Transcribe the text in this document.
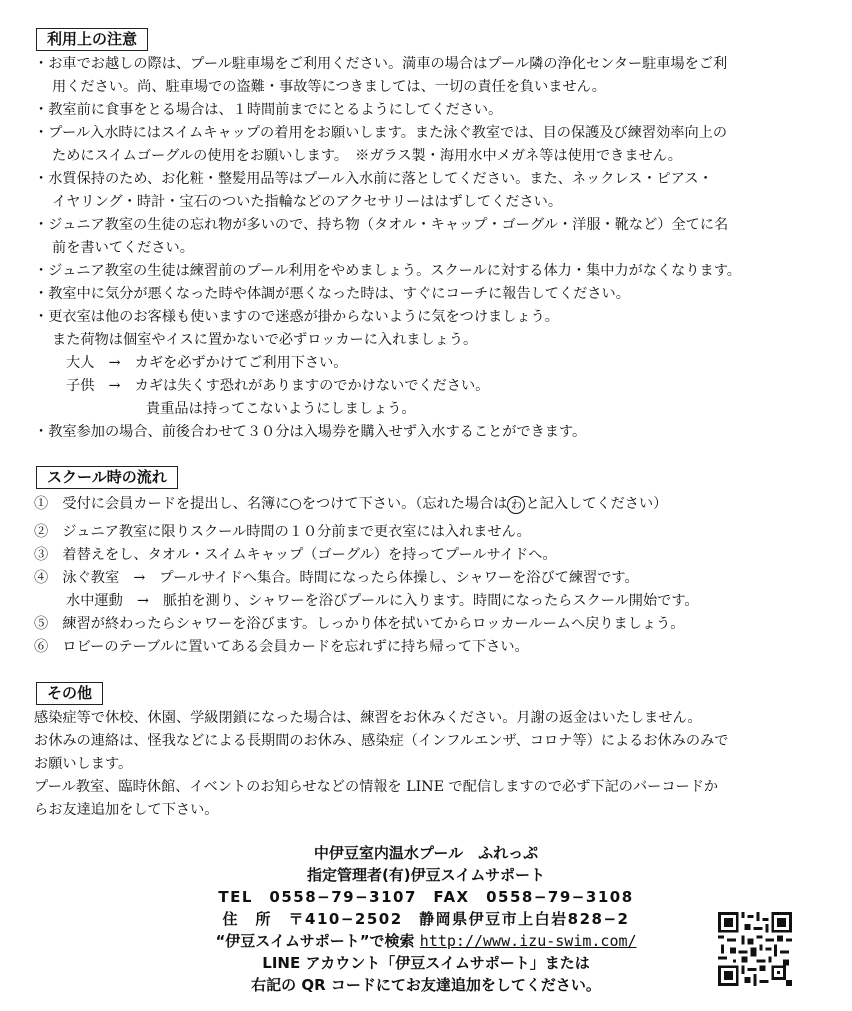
利用上の注意
・お車でお越しの際は、プール駐車場をご利用ください。満車の場合はプール隣の浄化センター駐車場をご利
用ください。尚、駐車場での盗難・事故等につきましては、一切の責任を負いません。
・教室前に食事をとる場合は、１時間前までにとるようにしてください。
・プール入水時にはスイムキャップの着用をお願いします。また泳ぐ教室では、目の保護及び練習効率向上の
ためにスイムゴーグルの使用をお願いします。　※ガラス製・海用水中メガネ等は使用できません。
・水質保持のため、お化粧・整髪用品等はプール入水前に落としてください。また、ネックレス・ピアス・
イヤリング・時計・宝石のついた指輪などのアクセサリーははずしてください。
・ジュニア教室の生徒の忘れ物が多いので、持ち物（タオル・キャップ・ゴーグル・洋服・靴など）全てに名
前を書いてください。
・ジュニア教室の生徒は練習前のプール利用をやめましょう。スクールに対する体力・集中力がなくなります。
・教室中に気分が悪くなった時や体調が悪くなった時は、すぐにコーチに報告してください。
・更衣室は他のお客様も使いますので迷惑が掛からないように気をつけましょう。
また荷物は個室やイスに置かないで必ずロッカーに入れましょう。
大人　→　カギを必ずかけてご利用下さい。
子供　→　カギは失くす恐れがありますのでかけないでください。
貴重品は持ってこないようにしましょう。
・教室参加の場合、前後合わせて３０分は入場券を購入せず入水することができます。
スクール時の流れ
①　受付に会員カードを提出し、名簿に○をつけて下さい。（忘れた場合は わ と記入してください）
②　ジュニア教室に限りスクール時間の１０分前まで更衣室には入れません。
③　着替えをし、タオル・スイムキャップ（ゴーグル）を持ってプールサイドへ。
④　泳ぐ教室　→　プールサイドへ集合。時間になったら体操し、シャワーを浴びて練習です。
水中運動　→　脈拍を測り、シャワーを浴びプールに入ります。時間になったらスクール開始です。
⑤　練習が終わったらシャワーを浴びます。しっかり体を拭いてからロッカールームへ戻りましょう。
⑥　ロビーのテーブルに置いてある会員カードを忘れずに持ち帰って下さい。
その他
感染症等で休校、休園、学級閉鎖になった場合は、練習をお休みください。月謝の返金はいたしません。
お休みの連絡は、怪我などによる長期間のお休み、感染症（インフルエンザ、コロナ等）によるお休みのみで
お願いします。
プール教室、臨時休館、イベントのお知らせなどの情報を LINE で配信しますので必ず下記のバーコードか
らお友達追加をして下さい。
中伊豆室内温水プール　ふれっぷ
指定管理者(有)伊豆スイムサポート
TEL　0558−79−3107　FAX　0558−79−3108
住　所　〒410−2502　静岡県伊豆市上白岩828−2
“伊豆スイムサポート”で検索 http://www.izu-swim.com/
LINE アカウント「伊豆スイムサポート」または
右記の QR コードにてお友達追加をしてください。
